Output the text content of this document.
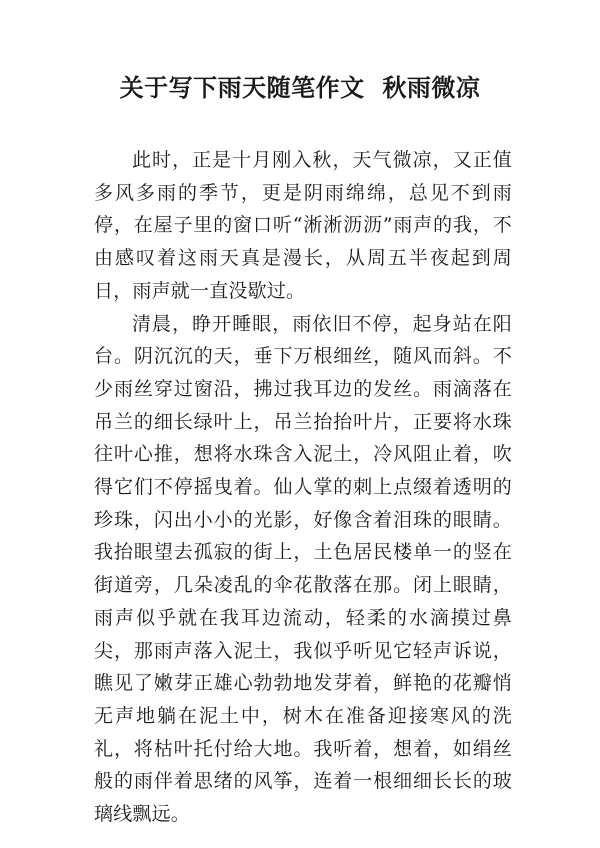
关于写下雨天随笔作文  秋雨微凉

此时，正是十月刚入秋，天气微凉，又正值多风多雨的季节，更是阴雨绵绵，总见不到雨停，在屋子里的窗口听“淅淅沥沥”雨声的我，不由感叹着这雨天真是漫长，从周五半夜起到周日，雨声就一直没歇过。

清晨，睁开睡眼，雨依旧不停，起身站在阳台。阴沉沉的天，垂下万根细丝，随风而斜。不少雨丝穿过窗沿，拂过我耳边的发丝。雨滴落在吊兰的细长绿叶上，吊兰抬抬叶片，正要将水珠往叶心推，想将水珠含入泥土，冷风阻止着，吹得它们不停摇曳着。仙人掌的刺上点缀着透明的珍珠，闪出小小的光影，好像含着泪珠的眼睛。我抬眼望去孤寂的街上，土色居民楼单一的竖在街道旁，几朵凌乱的伞花散落在那。闭上眼睛，雨声似乎就在我耳边流动，轻柔的水滴摸过鼻尖，那雨声落入泥土，我似乎听见它轻声诉说，瞧见了嫩芽正雄心勃勃地发芽着，鲜艳的花瓣悄无声地躺在泥土中，树木在准备迎接寒风的洗礼，将枯叶托付给大地。我听着，想着，如绢丝般的雨伴着思绪的风筝，连着一根细细长长的玻璃线飘远。
